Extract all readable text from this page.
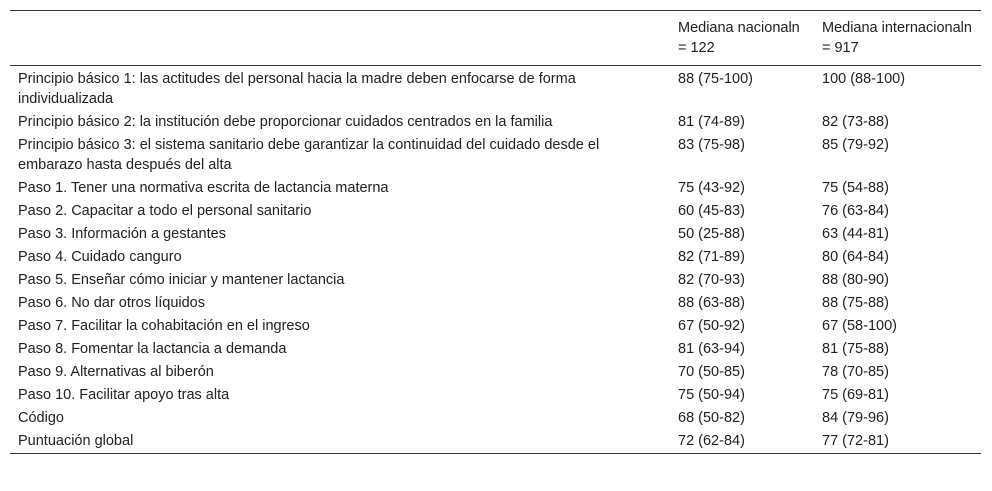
	Mediana nacionaln = 122	Mediana internacionaln = 917
Principio básico 1: las actitudes del personal hacia la madre deben enfocarse de forma individualizada	88 (75-100)	100 (88-100)
Principio básico 2: la institución debe proporcionar cuidados centrados en la familia	81 (74-89)	82 (73-88)
Principio básico 3: el sistema sanitario debe garantizar la continuidad del cuidado desde el embarazo hasta después del alta	83 (75-98)	85 (79-92)
Paso 1. Tener una normativa escrita de lactancia materna	75 (43-92)	75 (54-88)
Paso 2. Capacitar a todo el personal sanitario	60 (45-83)	76 (63-84)
Paso 3. Información a gestantes	50 (25-88)	63 (44-81)
Paso 4. Cuidado canguro	82 (71-89)	80 (64-84)
Paso 5. Enseñar cómo iniciar y mantener lactancia	82 (70-93)	88 (80-90)
Paso 6. No dar otros líquidos	88 (63-88)	88 (75-88)
Paso 7. Facilitar la cohabitación en el ingreso	67 (50-92)	67 (58-100)
Paso 8. Fomentar la lactancia a demanda	81 (63-94)	81 (75-88)
Paso 9. Alternativas al biberón	70 (50-85)	78 (70-85)
Paso 10. Facilitar apoyo tras alta	75 (50-94)	75 (69-81)
Código	68 (50-82)	84 (79-96)
Puntuación global	72 (62-84)	77 (72-81)
